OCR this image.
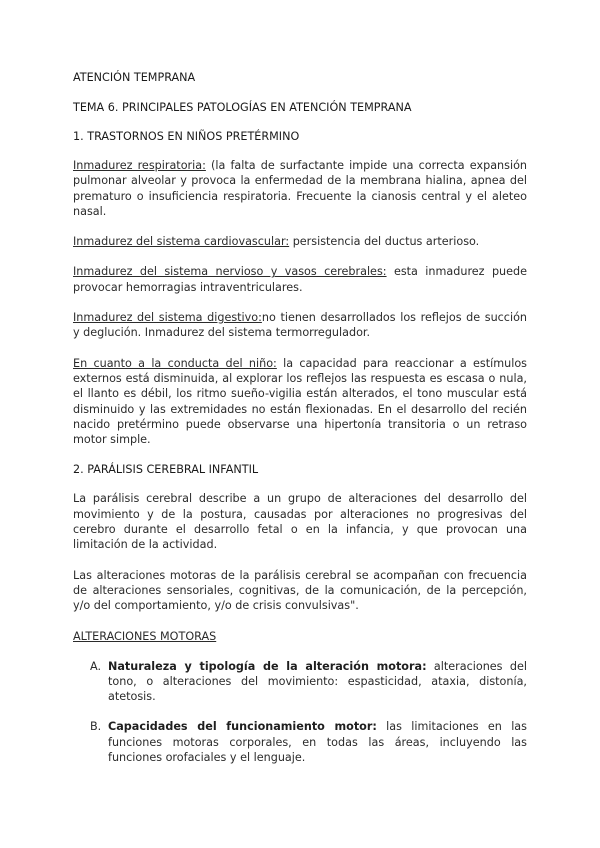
ATENCIÓN TEMPRANA
TEMA 6. PRINCIPALES PATOLOGÍAS EN ATENCIÓN TEMPRANA
1. TRASTORNOS EN NIÑOS PRETÉRMINO

Inmadurez respiratoria: (la falta de surfactante impide una correcta expansión pulmonar alveolar y provoca la enfermedad de la membrana hialina, apnea del prematuro o insuficiencia respiratoria. Frecuente la cianosis central y el aleteo nasal.

Inmadurez del sistema cardiovascular: persistencia del ductus arterioso.

Inmadurez del sistema nervioso y vasos cerebrales: esta inmadurez puede provocar hemorragias intraventriculares.

Inmadurez del sistema digestivo:no tienen desarrollados los reflejos de succión y deglución. Inmadurez del sistema termorregulador.

En cuanto a la conducta del niño: la capacidad para reaccionar a estímulos externos está disminuida, al explorar los reflejos las respuesta es escasa o nula, el llanto es débil, los ritmo sueño-vigilia están alterados, el tono muscular está disminuido y las extremidades no están flexionadas. En el desarrollo del recién nacido pretérmino puede observarse una hipertonía transitoria o un retraso motor simple.

2. PARÁLISIS CEREBRAL INFANTIL

La parálisis cerebral describe a un grupo de alteraciones del desarrollo del movimiento y de la postura, causadas por alteraciones no progresivas del cerebro durante el desarrollo fetal o en la infancia, y que provocan una limitación de la actividad.

Las alteraciones motoras de la parálisis cerebral se acompañan con frecuencia de alteraciones sensoriales, cognitivas, de la comunicación, de la percepción, y/o del comportamiento, y/o de crisis convulsivas".

ALTERACIONES MOTORAS

A. Naturaleza y tipología de la alteración motora: alteraciones del tono, o alteraciones del movimiento: espasticidad, ataxia, distonía, atetosis.
B. Capacidades del funcionamiento motor: las limitaciones en las funciones motoras corporales, en todas las áreas, incluyendo las funciones orofaciales y el lenguaje.
